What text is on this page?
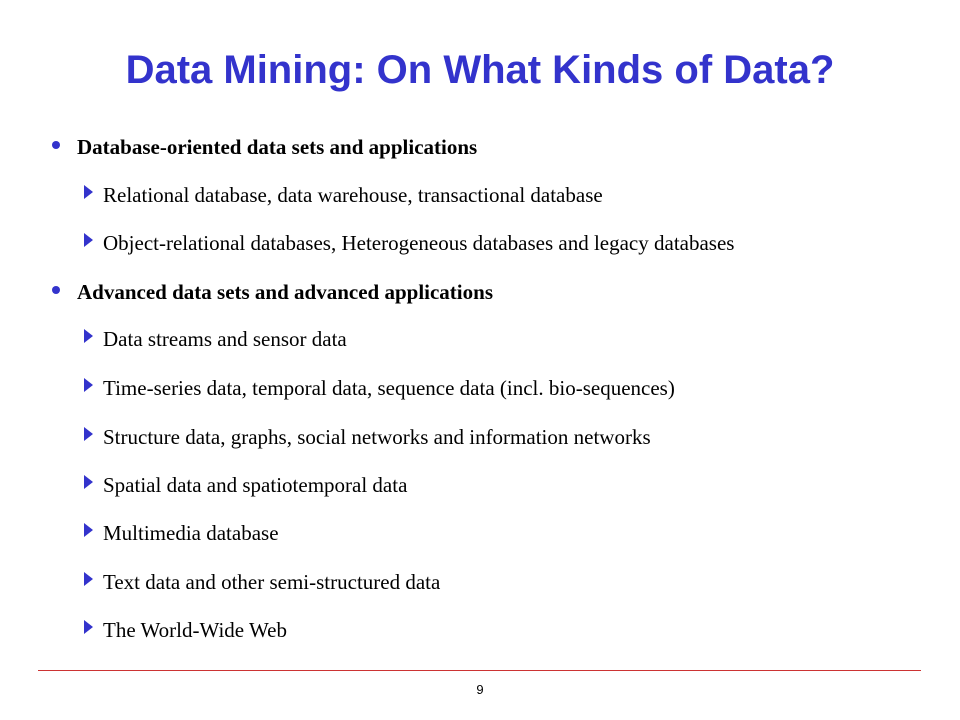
Data Mining: On What Kinds of Data?
Database-oriented data sets and applications
Relational database, data warehouse, transactional database
Object-relational databases, Heterogeneous databases and legacy databases
Advanced data sets and advanced applications
Data streams and sensor data
Time-series data, temporal data, sequence data (incl. bio-sequences)
Structure data, graphs, social networks and information networks
Spatial data and spatiotemporal data
Multimedia database
Text data and other semi-structured data
The World-Wide Web
9
